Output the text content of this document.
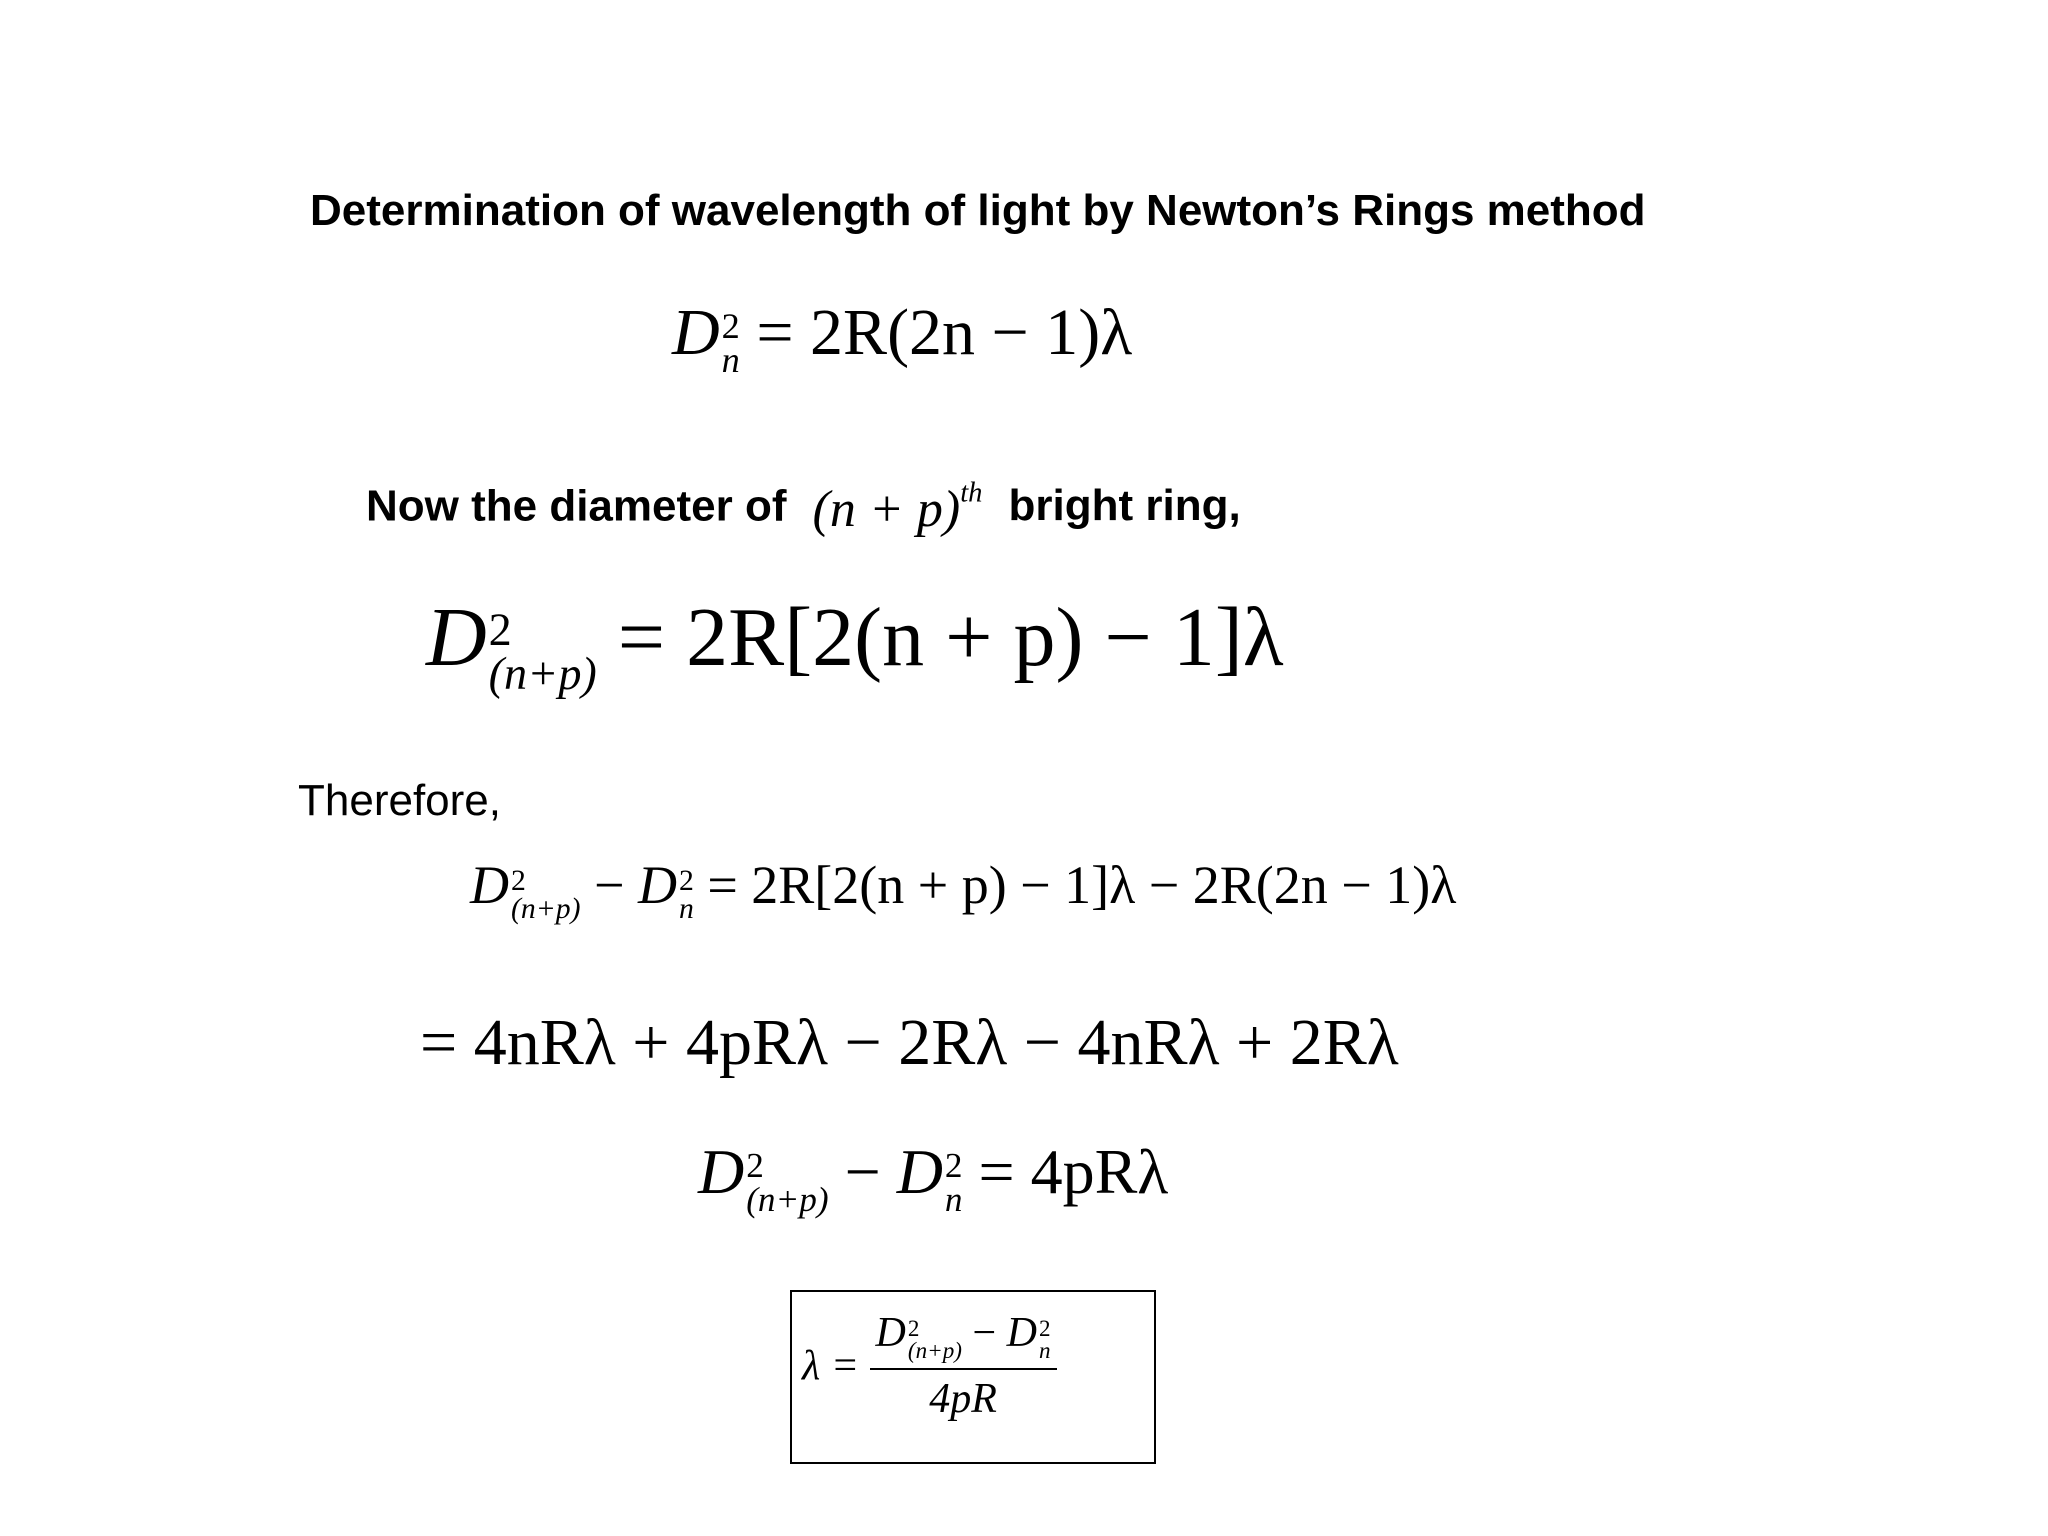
Determination of wavelength of light by Newton’s Rings method
D 2
n = 2R(2n − 1)λ
Now the diameter of $(n + p)^{th}$ bright ring,
D 2
(n+p) = 2R[2(n + p) − 1]λ
Therefore,
D 2
(n+p) − D 2
n = 2R[2(n + p) − 1]λ − 2R(2n − 1)λ
= 4nRλ + 4pRλ − 2Rλ − 4nRλ + 2Rλ
D 2
(n+p) − D 2
n = 4pRλ
λ = D 2
(n+p) − D 2
n
4pR
